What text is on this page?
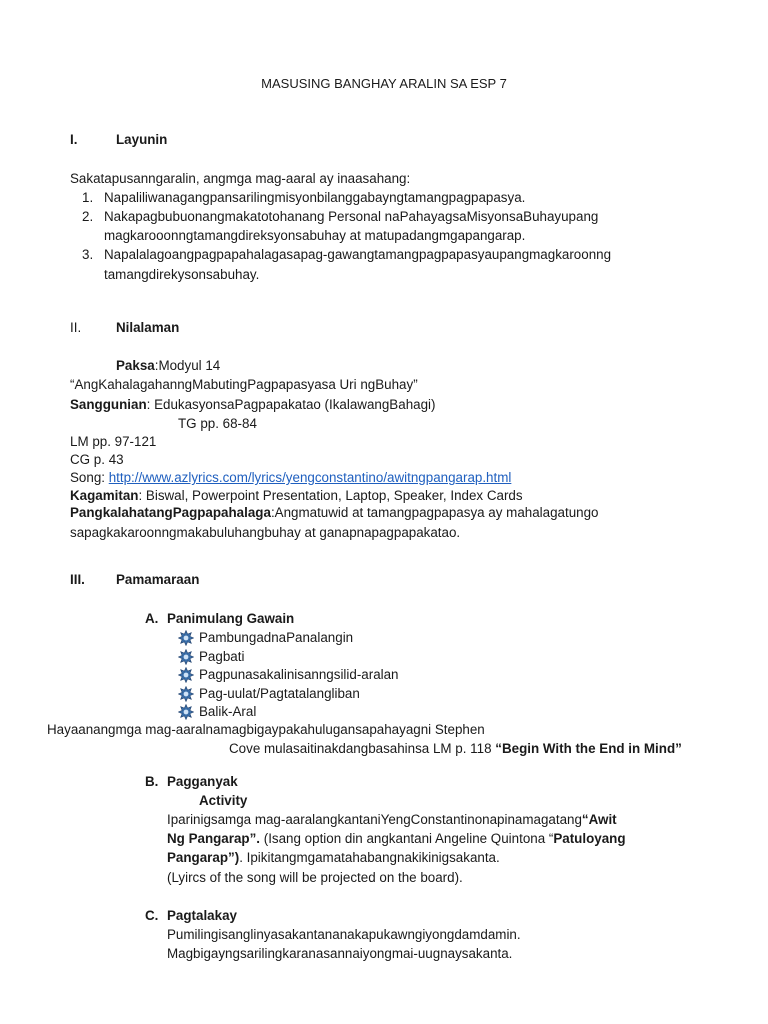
MASUSING BANGHAY ARALIN SA ESP 7
I.	Layunin
Sakatapusanngaralin, angmga mag-aaral ay inaasahang:
1. Napaliliwanagangpansarilingmisyonbilanggabayngtamangpagpapasya.
2. Nakapagbubuonangmakatotohanang Personal naPahayagsaMisyonsaBuhayupang
magkarooonngtamangdireksyonsabuhay at matupadangmgapangarap.
3. Napalalagoangpagpapahalagasapag-gawangtamangpagpapasyaupangmagkaroonng
tamangdirekysonsabuhay.
II.	Nilalaman
Paksa:Modyul 14
“AngKahalagahanngMabutingPagpapasyasa Uri ngBuhay”
Sanggunian: EdukasyonsaPagpapakatao (IkalawangBahagi)
TG pp. 68-84
LM pp. 97-121
CG p. 43
Song: http://www.azlyrics.com/lyrics/yengconstantino/awitngpangarap.html
Kagamitan: Biswal, Powerpoint Presentation, Laptop, Speaker, Index Cards
PangkalahatangPagpapahalaga:Angmatuwid at tamangpagpapasya ay mahalagatungo
sapagkakaroonngmakabuluhangbuhay at ganapnapagpapakatao.
III. Pamamaraan
A. Panimulang Gawain
PambungadnaPanalangin
Pagbati
Pagpunasakalinisanngsilid-aralan
Pag-uulat/Pagtatalangliban
Balik-Aral
Hayaanangmga mag-aaralnamagbigaypakahulugansapahayagni Stephen
Cove mulasaitinakdangbasahinsa LM p. 118 “Begin With the End in Mind”
B. Pagganyak
Activity
Iparinigsamga mag-aaralangkantaniYengConstantinonapinamagatang“Awit
Ng Pangarap”. (Isang option din angkantani Angeline Quintona “Patuloyang
Pangarap”). Ipikitangmgamatahabangnakikinigsakanta.
(Lyircs of the song will be projected on the board).
C. Pagtalakay
Pumilingisanglinyasakantananakapukawngiyongdamdamin.
Magbigayngsarilingkaranasannaiyongmai-uugnaysakanta.
